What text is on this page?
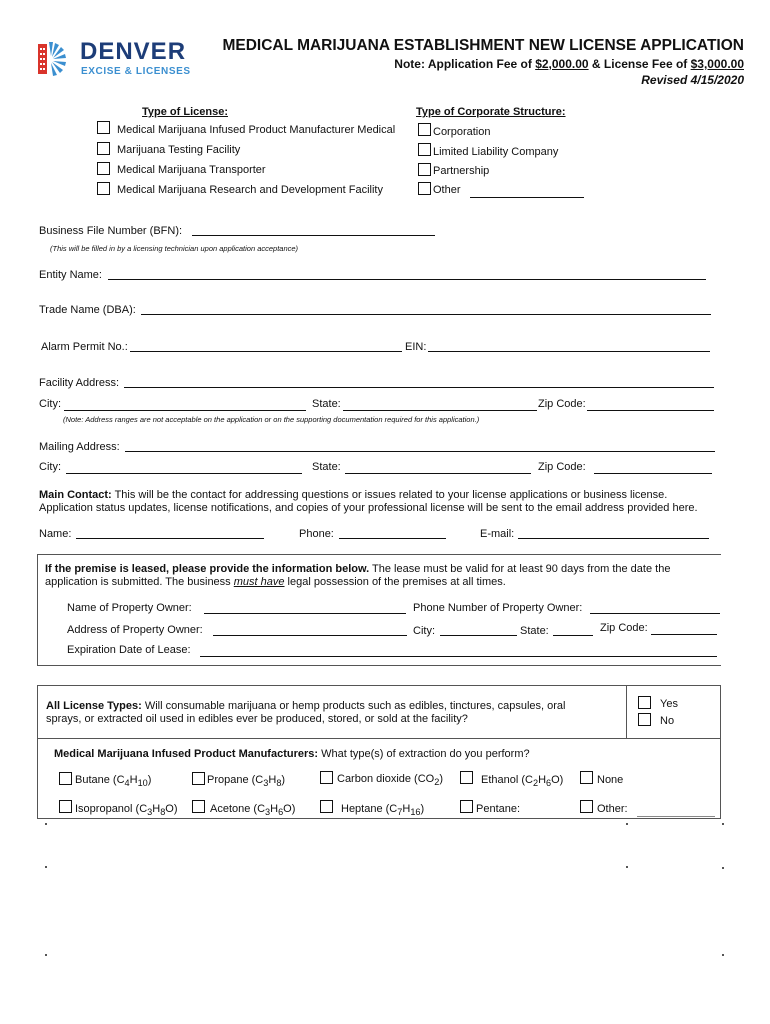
DENVER
EXCISE & LICENSES
MEDICAL MARIJUANA ESTABLISHMENT NEW LICENSE APPLICATION
Note: Application Fee of $2,000.00 & License Fee of $3,000.00
Revised 4/15/2020
Type of License:
Medical Marijuana Infused Product Manufacturer Medical
Marijuana Testing Facility
Medical Marijuana Transporter
Medical Marijuana Research and Development Facility
Type of Corporate Structure:
Corporation
Limited Liability Company
Partnership
Other
Business File Number (BFN):
(This will be filled in by a licensing technician upon application acceptance)
Entity Name:
Trade Name (DBA):
Alarm Permit No.:	EIN:
Facility Address:
City:	State:	Zip Code:
(Note: Address ranges are not acceptable on the application or on the supporting documentation required for this application.)
Mailing Address:
City:	State:	Zip Code:
Main Contact: This will be the contact for addressing questions or issues related to your license applications or business license.
Application status updates, license notifications, and copies of your professional license will be sent to the email address provided here.
Name:	Phone:	E-mail:
If the premise is leased, please provide the information below. The lease must be valid for at least 90 days from the date the
application is submitted. The business must have legal possession of the premises at all times.
Name of Property Owner:	Phone Number of Property Owner:
Address of Property Owner:	City:	State:	Zip Code:
Expiration Date of Lease:
All License Types: Will consumable marijuana or hemp products such as edibles, tinctures, capsules, oral
sprays, or extracted oil used in edibles ever be produced, stored, or sold at the facility?
Yes
No
Medical Marijuana Infused Product Manufacturers: What type(s) of extraction do you perform?
Butane $(C_4H_{10})$	Propane $(C_3H_8)$	Carbon dioxide $(CO_2)$	Ethanol $(C_2H_6O)$	None
Isopropanol $(C_3H_8O)$	Acetone $(C_3H_6O)$	Heptane $(C_7H_{16})$	Pentane:	Other:
